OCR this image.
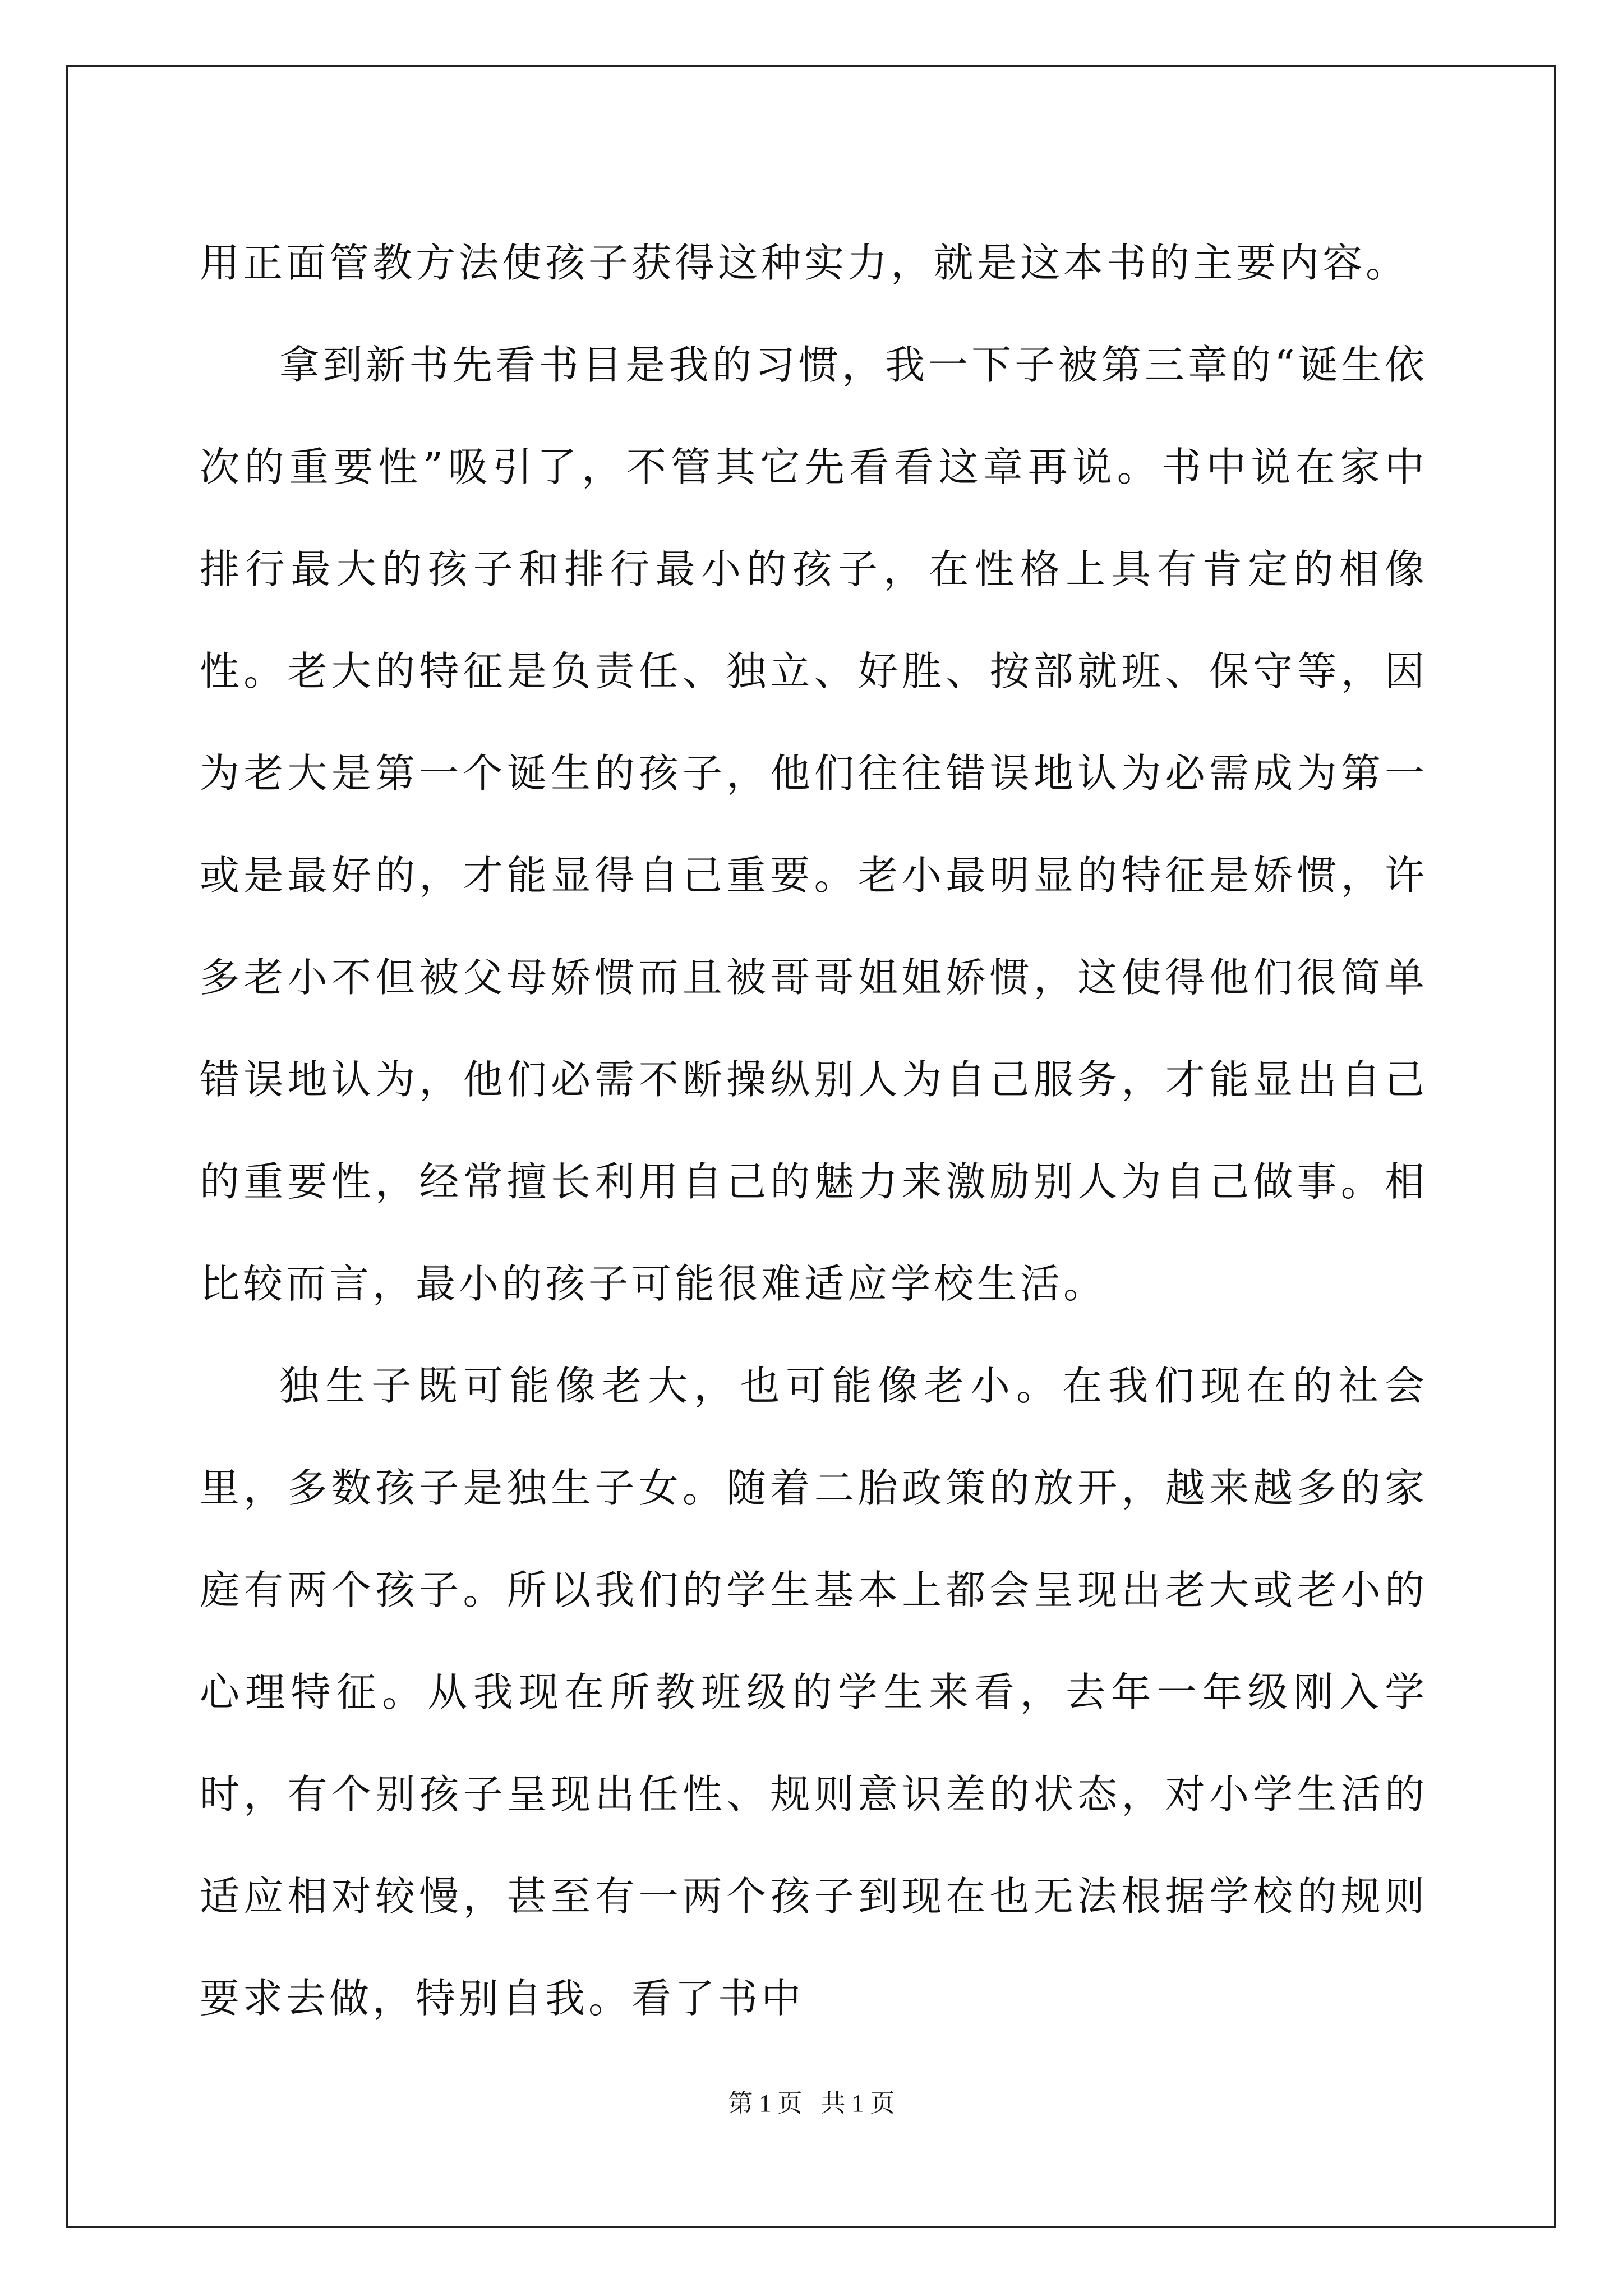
用正面管教方法使孩子获得这种实力，就是这本书的主要内容。

拿到新书先看书目是我的习惯，我一下子被第三章的“诞生依次的重要性”吸引了，不管其它先看看这章再说。书中说在家中排行最大的孩子和排行最小的孩子，在性格上具有肯定的相像性。老大的特征是负责任、独立、好胜、按部就班、保守等，因为老大是第一个诞生的孩子，他们往往错误地认为必需成为第一或是最好的，才能显得自己重要。老小最明显的特征是娇惯，许多老小不但被父母娇惯而且被哥哥姐姐娇惯，这使得他们很简单错误地认为，他们必需不断操纵别人为自己服务，才能显出自己的重要性，经常擅长利用自己的魅力来激励别人为自己做事。相比较而言，最小的孩子可能很难适应学校生活。

独生子既可能像老大，也可能像老小。在我们现在的社会里，多数孩子是独生子女。随着二胎政策的放开，越来越多的家庭有两个孩子。所以我们的学生基本上都会呈现出老大或老小的心理特征。从我现在所教班级的学生来看，去年一年级刚入学时，有个别孩子呈现出任性、规则意识差的状态，对小学生活的适应相对较慢，甚至有一两个孩子到现在也无法根据学校的规则要求去做，特别自我。看了书中

第 1 页   共 1 页
